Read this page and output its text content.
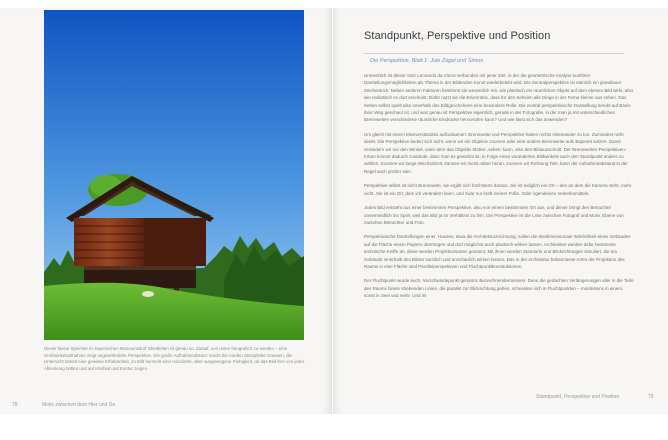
Dieser kleine Speicher im bayerischen Museumsdorf Glentleiten ist genau so, darauf, von unten fotografiert zu werden – eine Großwinkelaufnahme zeigt ungewöhnliche Perspektive. Die große Aufnahmedistanz macht die runden Stützpfeiler Grassen, die Untersicht betont eine gewisse Erhabenheit, im Bild herrscht eine reduzierte, aber ausgewogene Farbigkeit, ob das Bild fern von jeder Ablenkung hatten und auf Klarheit und Kontur zeigen.
78	Motiv zwischen dem Hier und Da
Standpunkt, Perspektive und Position
Die Perspektive, Blatt 1: Jule Zügel und Simon

Unmerklich ist dieser Satz Leonardo da Vincis verbunden mit jener Zeit, in der die geometrische Analyse kunftiner Darstellungsmöglichkeiten als Thema in der Bildenden Kunst wiederbelebt wird. Die Zentralperspektive ist nämlich ein grandioser Zeichentrick. Neben anderen Faktoren bestimmt sie wesentlich mit, wie plastisch ein räumliches Objekt auf dem ebenen Bild wirkt, also wie realistisch es dort erscheint. Dafür nutzt sie die Erkenntnis, dass für den Sehsinn alle Dinge in der Ferne kleiner aus sehen. Das Sehen selbst spielt also innerhalb des Bildgeschehens eine besondere Rolle. Die zentral perspektivische Darstellung beruht auf Basis ihrer Weg geschaut ist, und was genau ist Perspektive eigentlich, gerade in der Fotografie, in der man ja mit unterschiedlichen Brennweiten verschiedene räumliche Eindrücke hervorrufen kann? Und wie lässt sich das anwenden?

Um gleich mit einem Missverständnis aufzuräumen: Brennweite und Perspektive haben nichts miteinander zu tun. Zumindest nicht direkt. Die Perspektive ändert sich nicht, wenn wir ein Objektiv zoomen oder eine andere Brennweite aufs Bajonett setzen. Damit verändern wir nur den Winkel, unter dem das Objektiv Motive ,sehen‘ kann, also den Bildausschnitt. Der Brennweiten-Perspektiven-Irrtum kommt dadurch zustande, dass man es gewohnt ist, in Folge eines veränderten Bildwinkels auch den Standpunkt anders zu wählen. Zoomen wir lange Wechselzeit, können wir meist näher heran, zoomen wir Richtung Tele, kann der Aufnahmeabstand in der Regel auch größer sein.

Perspektive selbst ist nicht Brennweite, sie ergibt sich höchstens daraus. Sie ist lediglich ein Ort – den an dem die Kamera steht, mehr nicht. Sie ist ein Ort, dem ich verändern kann, und zwar nur kraft meiner Füße. Oder irgendeines Verkehrsmittels.

Jedes Bild entsteht aus einer bestimmten Perspektive, also von einem bestimmten Ort aus, und dieser bringt den Betrachter unvermeidlich ins Spiel, weil das Bild ja im Verhältnis zu ihm. Die Perspektive ist die Linie zwischen Fotograf und Motiv, Ebene von zwischen Betrachter und Foto.

Perspektivische Darstellungen einer, Hauses, etwa die Architekturzeichnung, sollen die dreidimensionale Wirklichkeit eines Gebäudes auf die Fläche einem Papiers übertragen und dort möglichst auch plastisch wirken lassen. Architekten werden dafür bestimmte technische Kniffe an, diese werden Projektionsarten genannt. Mit ihnen werden Standorte und Blickrichtungen simuliert, die am Gebäude innerhalb des Bildes sachlich und anschaulich wirken lassen. Das in der Architektur bekannteste Arten der Projektion des Raums in eine Fläche sind Parallelperspektiven und Fluchtpunktkonstruktionen.

Der Fluchtpunkt wurde auch, Verschwindepunkt genannt. Bezeichnendermessen. Denn die gedachten Verlängerungen aller in die Tiefe des Raums hinein strebenden Linien, die parallel zur Blickrichtung geben, schneiden sich in Fluchtpunkten – mindestens in einem, sonst in zwei und mehr. Und im

Standpunkt, Perspektive und Position	79
